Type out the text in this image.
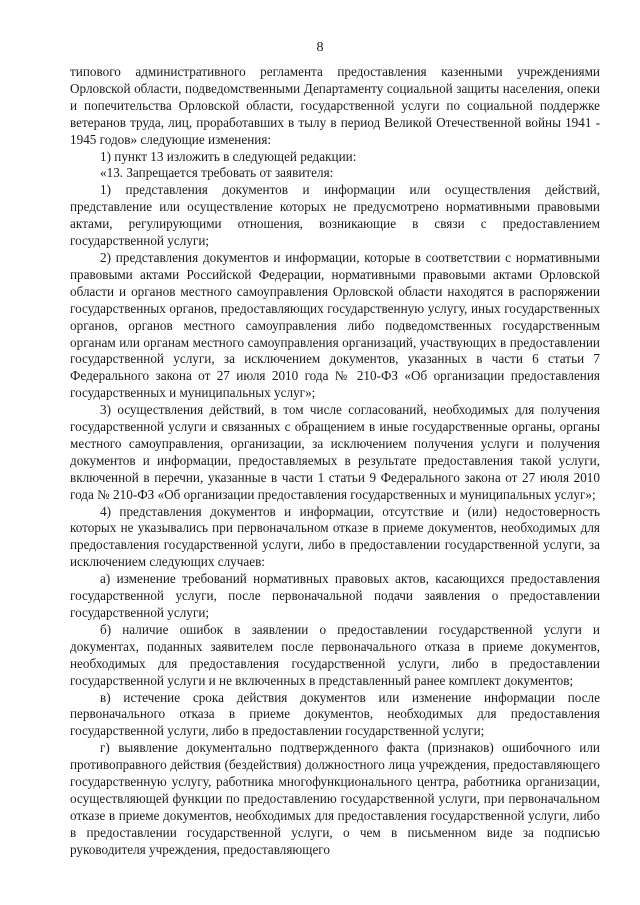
8

типового административного регламента предоставления казенными учреждениями Орловской области, подведомственными Департаменту социальной защиты населения, опеки и попечительства Орловской области, государственной услуги по социальной поддержке ветеранов труда, лиц, проработавших в тылу в период Великой Отечественной войны 1941 - 1945 годов» следующие изменения:

1) пункт 13 изложить в следующей редакции:

«13. Запрещается требовать от заявителя:

1) представления документов и информации или осуществления действий, представление или осуществление которых не предусмотрено нормативными правовыми актами, регулирующими отношения, возникающие в связи с предоставлением государственной услуги;

2) представления документов и информации, которые в соответствии с нормативными правовыми актами Российской Федерации, нормативными правовыми актами Орловской области и органов местного самоуправления Орловской области находятся в распоряжении государственных органов, предоставляющих государственную услугу, иных государственных органов, органов местного самоуправления либо подведомственных государственным органам или органам местного самоуправления организаций, участвующих в предоставлении государственной услуги, за исключением документов, указанных в части 6 статьи 7 Федерального закона от 27 июля 2010 года № 210-ФЗ «Об организации предоставления государственных и муниципальных услуг»;

3) осуществления действий, в том числе согласований, необходимых для получения государственной услуги и связанных с обращением в иные государственные органы, органы местного самоуправления, организации, за исключением получения услуги и получения документов и информации, предоставляемых в результате предоставления такой услуги, включенной в перечни, указанные в части 1 статьи 9 Федерального закона от 27 июля 2010 года № 210-ФЗ «Об организации предоставления государственных и муниципальных услуг»;

4) представления документов и информации, отсутствие и (или) недостоверность которых не указывались при первоначальном отказе в приеме документов, необходимых для предоставления государственной услуги, либо в предоставлении государственной услуги, за исключением следующих случаев:

а) изменение требований нормативных правовых актов, касающихся предоставления государственной услуги, после первоначальной подачи заявления о предоставлении государственной услуги;

б) наличие ошибок в заявлении о предоставлении государственной услуги и документах, поданных заявителем после первоначального отказа в приеме документов, необходимых для предоставления государственной услуги, либо в предоставлении государственной услуги и не включенных в представленный ранее комплект документов;

в) истечение срока действия документов или изменение информации после первоначального отказа в приеме документов, необходимых для предоставления государственной услуги, либо в предоставлении государственной услуги;

г) выявление документально подтвержденного факта (признаков) ошибочного или противоправного действия (бездействия) должностного лица учреждения, предоставляющего государственную услугу, работника многофункционального центра, работника организации, осуществляющей функции по предоставлению государственной услуги, при первоначальном отказе в приеме документов, необходимых для предоставления государственной услуги, либо в предоставлении государственной услуги, о чем в письменном виде за подписью руководителя учреждения, предоставляющего
